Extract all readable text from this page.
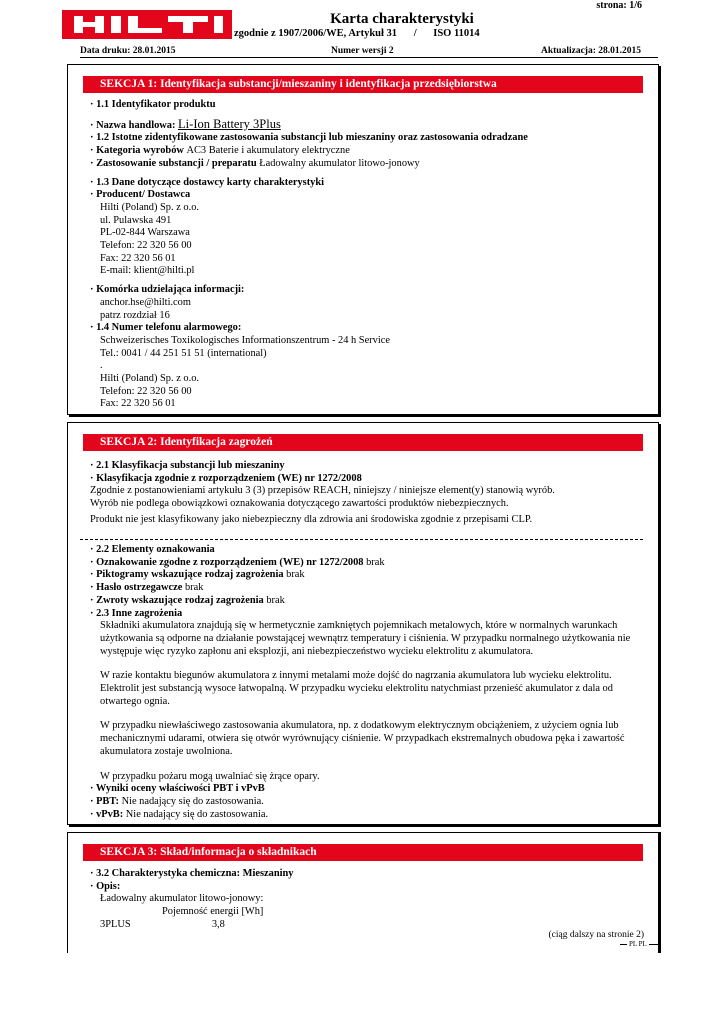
strona: 1/6
Karta charakterystyki
zgodnie z 1907/2006/WE, Artykuł 31 / ISO 11014
Data druku: 28.01.2015	Numer wersji 2	Aktualizacja: 28.01.2015
SEKCJA 1: Identyfikacja substancji/mieszaniny i identyfikacja przedsiębiorstwa
· 1.1 Identyfikator produktu
· Nazwa handlowa: Li-Ion Battery 3Plus
· 1.2 Istotne zidentyfikowane zastosowania substancji lub mieszaniny oraz zastosowania odradzane
· Kategoria wyrobów AC3 Baterie i akumulatory elektryczne
· Zastosowanie substancji / preparatu Ładowalny akumulator litowo-jonowy
· 1.3 Dane dotyczące dostawcy karty charakterystyki
· Producent/ Dostawca
Hilti (Poland) Sp. z o.o.
ul. Pulawska 491
PL-02-844 Warszawa
Telefon: 22 320 56 00
Fax: 22 320 56 01
E-mail: klient@hilti.pl
· Komórka udzielająca informacji:
anchor.hse@hilti.com
patrz rozdział 16
· 1.4 Numer telefonu alarmowego:
Schweizerisches Toxikologisches Informationszentrum - 24 h Service
Tel.: 0041 / 44 251 51 51 (international)
.
Hilti (Poland) Sp. z o.o.
Telefon: 22 320 56 00
Fax: 22 320 56 01
SEKCJA 2: Identyfikacja zagrożeń
· 2.1 Klasyfikacja substancji lub mieszaniny
· Klasyfikacja zgodnie z rozporządzeniem (WE) nr 1272/2008
Zgodnie z postanowieniami artykułu 3 (3) przepisów REACH, niniejszy / niniejsze element(y) stanowią wyrób.
Wyrób nie podlega obowiązkowi oznakowania dotyczącego zawartości produktów niebezpiecznych.
Produkt nie jest klasyfikowany jako niebezpieczny dla zdrowia ani środowiska zgodnie z przepisami CLP.
· 2.2 Elementy oznakowania
· Oznakowanie zgodne z rozporządzeniem (WE) nr 1272/2008 brak
· Piktogramy wskazujące rodzaj zagrożenia brak
· Hasło ostrzegawcze brak
· Zwroty wskazujące rodzaj zagrożenia brak
· 2.3 Inne zagrożenia
Składniki akumulatora znajdują się w hermetycznie zamkniętych pojemnikach metalowych, które w normalnych warunkach użytkowania są odporne na działanie powstającej wewnątrz temperatury i ciśnienia. W przypadku normalnego użytkowania nie występuje więc ryzyko zapłonu ani eksplozji, ani niebezpieczeństwo wycieku elektrolitu z akumulatora.
W razie kontaktu biegunów akumulatora z innymi metalami może dojść do nagrzania akumulatora lub wycieku elektrolitu. Elektrolit jest substancją wysoce łatwopalną. W przypadku wycieku elektrolitu natychmiast przenieść akumulator z dala od otwartego ognia.
W przypadku niewłaściwego zastosowania akumulatora, np. z dodatkowym elektrycznym obciążeniem, z użyciem ognia lub mechanicznymi udarami, otwiera się otwór wyrównujący ciśnienie. W przypadkach ekstremalnych obudowa pęka i zawartość akumulatora zostaje uwolniona.
W przypadku pożaru mogą uwalniać się żrące opary.
· Wyniki oceny właściwości PBT i vPvB
· PBT: Nie nadający się do zastosowania.
· vPvB: Nie nadający się do zastosowania.
SEKCJA 3: Skład/informacja o składnikach
· 3.2 Charakterystyka chemiczna: Mieszaniny
· Opis:
Ładowalny akumulator litowo-jonowy:
Pojemność energii [Wh]
3PLUS	3,8
(ciąg dalszy na stronie 2)
PL PL
